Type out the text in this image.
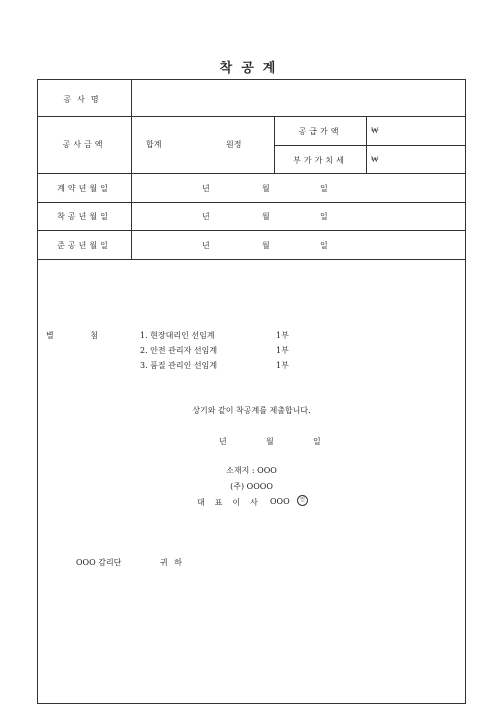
착공계
공사명
공사금액	합계	원정
공급가액	₩
부가가치세	₩
계약년월일	년	월	일
착공년월일	년	월	일
준공년월일	년	월	일
별 첨	1. 현장대리인 선임계	1부
2. 안전 관리자 선임계	1부
3. 품질 관리인 선임계	1부
상기와 같이 착공계를 제출합니다.
년	월	일
소재지 : OOO
(주) OOOO
대표이사 OOO	인
OOO 감리단	귀 하
